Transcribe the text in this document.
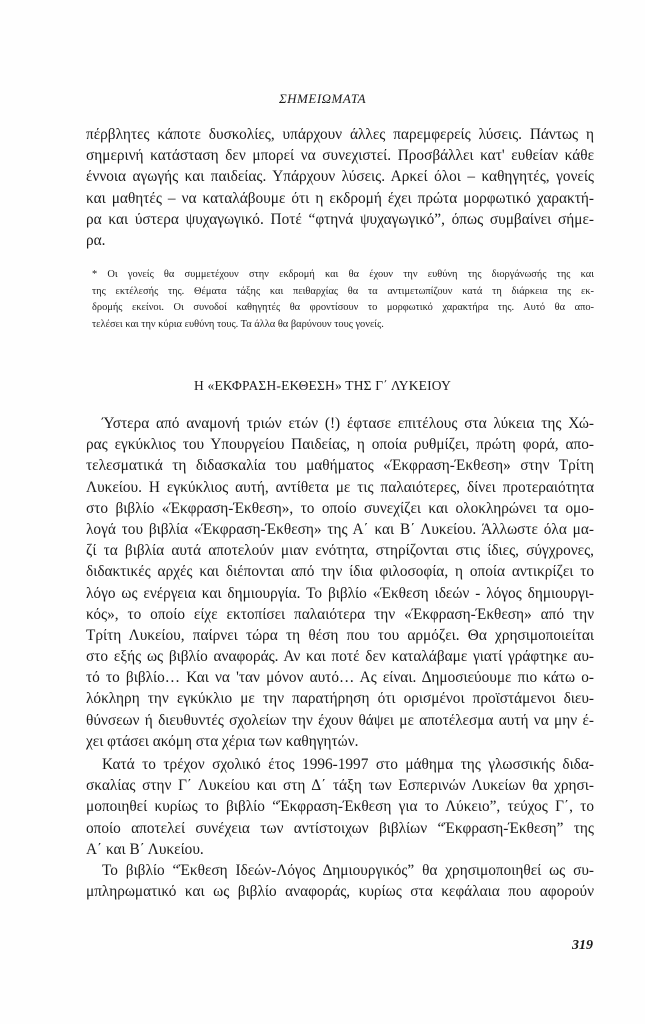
ΣΗΜΕΙΩΜΑΤΑ
πέρβλητες κάποτε δυσκολίες, υπάρχουν άλλες παρεμφερείς λύσεις. Πάντως η
σημερινή κατάσταση δεν μπορεί να συνεχιστεί. Προσβάλλει κατ' ευθείαν κάθε
έννοια αγωγής και παιδείας. Υπάρχουν λύσεις. Αρκεί όλοι – καθηγητές, γονείς
και μαθητές – να καταλάβουμε ότι η εκδρομή έχει πρώτα μορφωτικό χαρακτή-
ρα και ύστερα ψυχαγωγικό. Ποτέ “φτηνά ψυχαγωγικό”, όπως συμβαίνει σήμε-
ρα.
* Οι γονείς θα συμμετέχουν στην εκδρομή και θα έχουν την ευθύνη της διοργάνωσής της και
της εκτέλεσής της. Θέματα τάξης και πειθαρχίας θα τα αντιμετωπίζουν κατά τη διάρκεια της εκ-
δρομής εκείνοι. Οι συνοδοί καθηγητές θα φροντίσουν το μορφωτικό χαρακτήρα της. Αυτό θα απο-
τελέσει και την κύρια ευθύνη τους. Τα άλλα θα βαρύνουν τους γονείς.
Η «ΕΚΦΡΑΣΗ-ΕΚΘΕΣΗ» ΤΗΣ Γ΄ ΛΥΚΕΙΟΥ
Ύστερα από αναμονή τριών ετών (!) έφτασε επιτέλους στα λύκεια της Χώ-
ρας εγκύκλιος του Υπουργείου Παιδείας, η οποία ρυθμίζει, πρώτη φορά, απο-
τελεσματικά τη διδασκαλία του μαθήματος «Έκφραση-Έκθεση» στην Τρίτη
Λυκείου. Η εγκύκλιος αυτή, αντίθετα με τις παλαιότερες, δίνει προτεραιότητα
στο βιβλίο «Έκφραση-Έκθεση», το οποίο συνεχίζει και ολοκληρώνει τα ομο-
λογά του βιβλία «Έκφραση-Έκθεση» της Α΄ και Β΄ Λυκείου. Άλλωστε όλα μα-
ζί τα βιβλία αυτά αποτελούν μιαν ενότητα, στηρίζονται στις ίδιες, σύγχρονες,
διδακτικές αρχές και διέπονται από την ίδια φιλοσοφία, η οποία αντικρίζει το
λόγο ως ενέργεια και δημιουργία. Το βιβλίο «Έκθεση ιδεών - λόγος δημιουργι-
κός», το οποίο είχε εκτοπίσει παλαιότερα την «Έκφραση-Έκθεση» από την
Τρίτη Λυκείου, παίρνει τώρα τη θέση που του αρμόζει. Θα χρησιμοποιείται
στο εξής ως βιβλίο αναφοράς. Αν και ποτέ δεν καταλάβαμε γιατί γράφτηκε αυ-
τό το βιβλίο… Και να 'ταν μόνον αυτό… Ας είναι. Δημοσιεύουμε πιο κάτω ο-
λόκληρη την εγκύκλιο με την παρατήρηση ότι ορισμένοι προϊστάμενοι διευ-
θύνσεων ή διευθυντές σχολείων την έχουν θάψει με αποτέλεσμα αυτή να μην έ-
χει φτάσει ακόμη στα χέρια των καθηγητών.
Κατά το τρέχον σχολικό έτος 1996-1997 στο μάθημα της γλωσσικής διδα-
σκαλίας στην Γ΄ Λυκείου και στη Δ΄ τάξη των Εσπερινών Λυκείων θα χρησι-
μοποιηθεί κυρίως το βιβλίο “Έκφραση-Έκθεση για το Λύκειο”, τεύχος Γ΄, το
οποίο αποτελεί συνέχεια των αντίστοιχων βιβλίων “Έκφραση-Έκθεση” της
Α΄ και Β΄ Λυκείου.
Το βιβλίο “Έκθεση Ιδεών-Λόγος Δημιουργικός” θα χρησιμοποιηθεί ως συ-
μπληρωματικό και ως βιβλίο αναφοράς, κυρίως στα κεφάλαια που αφορούν
319
